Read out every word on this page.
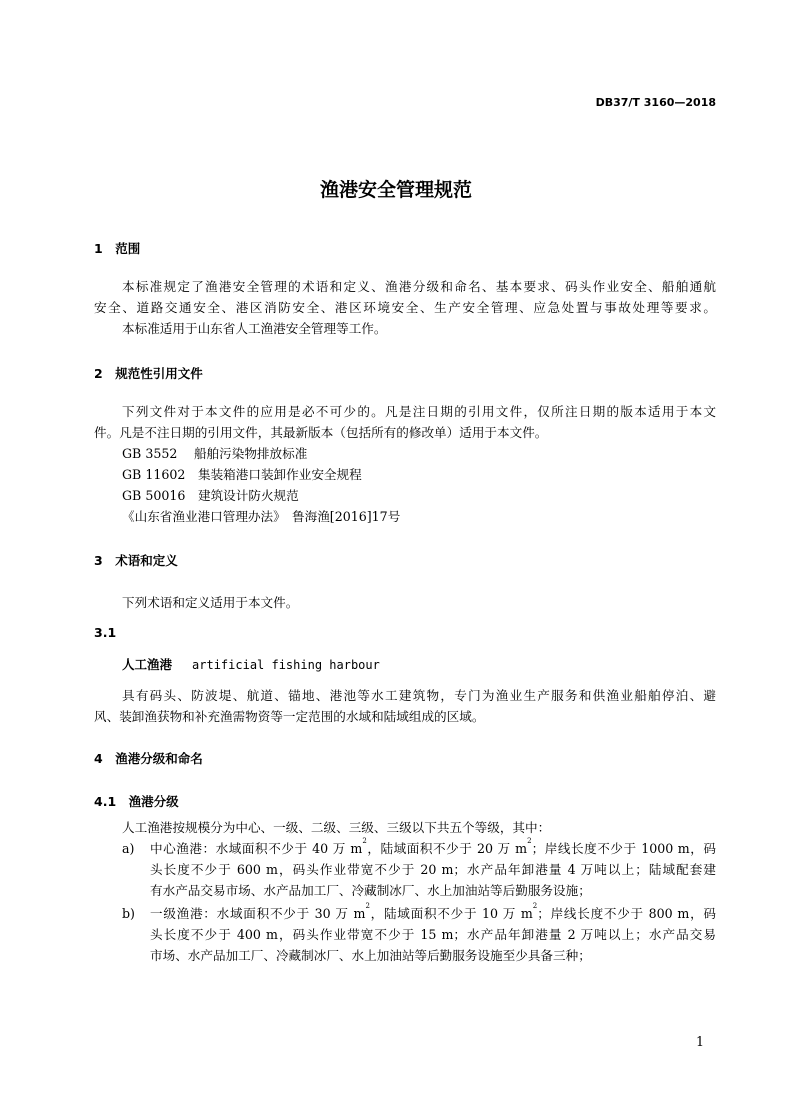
DB37/T 3160—2018
渔港安全管理规范
1　范围
本标准规定了渔港安全管理的术语和定义、渔港分级和命名、基本要求、码头作业安全、船舶通航
安全、道路交通安全、港区消防安全、港区环境安全、生产安全管理、应急处置与事故处理等要求。
本标准适用于山东省人工渔港安全管理等工作。
2　规范性引用文件
下列文件对于本文件的应用是必不可少的。凡是注日期的引用文件，仅所注日期的版本适用于本文
件。凡是不注日期的引用文件，其最新版本（包括所有的修改单）适用于本文件。
GB 3552　 船舶污染物排放标准
GB 11602　集装箱港口装卸作业安全规程
GB 50016　建筑设计防火规范
《山东省渔业港口管理办法》　鲁海渔[2016]17号
3　术语和定义
下列术语和定义适用于本文件。
3.1
人工渔港 artificial fishing harbour
具有码头、防波堤、航道、锚地、港池等水工建筑物，专门为渔业生产服务和供渔业船舶停泊、避
风、装卸渔获物和补充渔需物资等一定范围的水域和陆域组成的区域。
4　渔港分级和命名
4.1　渔港分级
人工渔港按规模分为中心、一级、二级、三级、三级以下共五个等级，其中：
a) 中心渔港：水域面积不少于 40 万 $m^2$，陆域面积不少于 20 万 $m^2$；岸线长度不少于 1000 m，码
头长度不少于 600 m，码头作业带宽不少于 20 m；水产品年卸港量 4 万吨以上；陆域配套建
有水产品交易市场、水产品加工厂、冷藏制冰厂、水上加油站等后勤服务设施；
b) 一级渔港：水域面积不少于 30 万 $m^2$，陆域面积不少于 10 万 $m^2$；岸线长度不少于 800 m，码
头长度不少于 400 m，码头作业带宽不少于 15 m；水产品年卸港量 2 万吨以上；水产品交易
市场、水产品加工厂、冷藏制冰厂、水上加油站等后勤服务设施至少具备三种；
1
